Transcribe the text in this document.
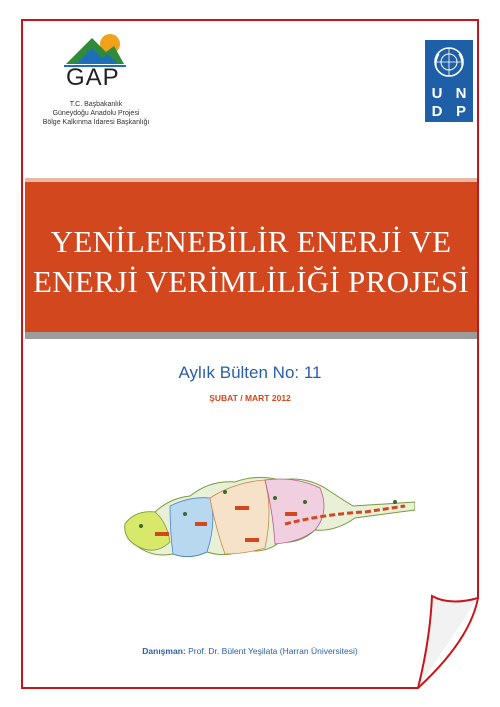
GAP
T.C. Başbakanlık
Güneydoğu Anadolu Projesi
Bölge Kalkınma İdaresi Başkanlığı
U N
D P
YENİLENEBİLİR ENERJİ VE
ENERJİ VERİMLİLİĞİ PROJESİ
Aylık Bülten No: 11
ŞUBAT / MART 2012
Danışman: Prof. Dr. Bülent Yeşilata (Harran Üniversitesi)
